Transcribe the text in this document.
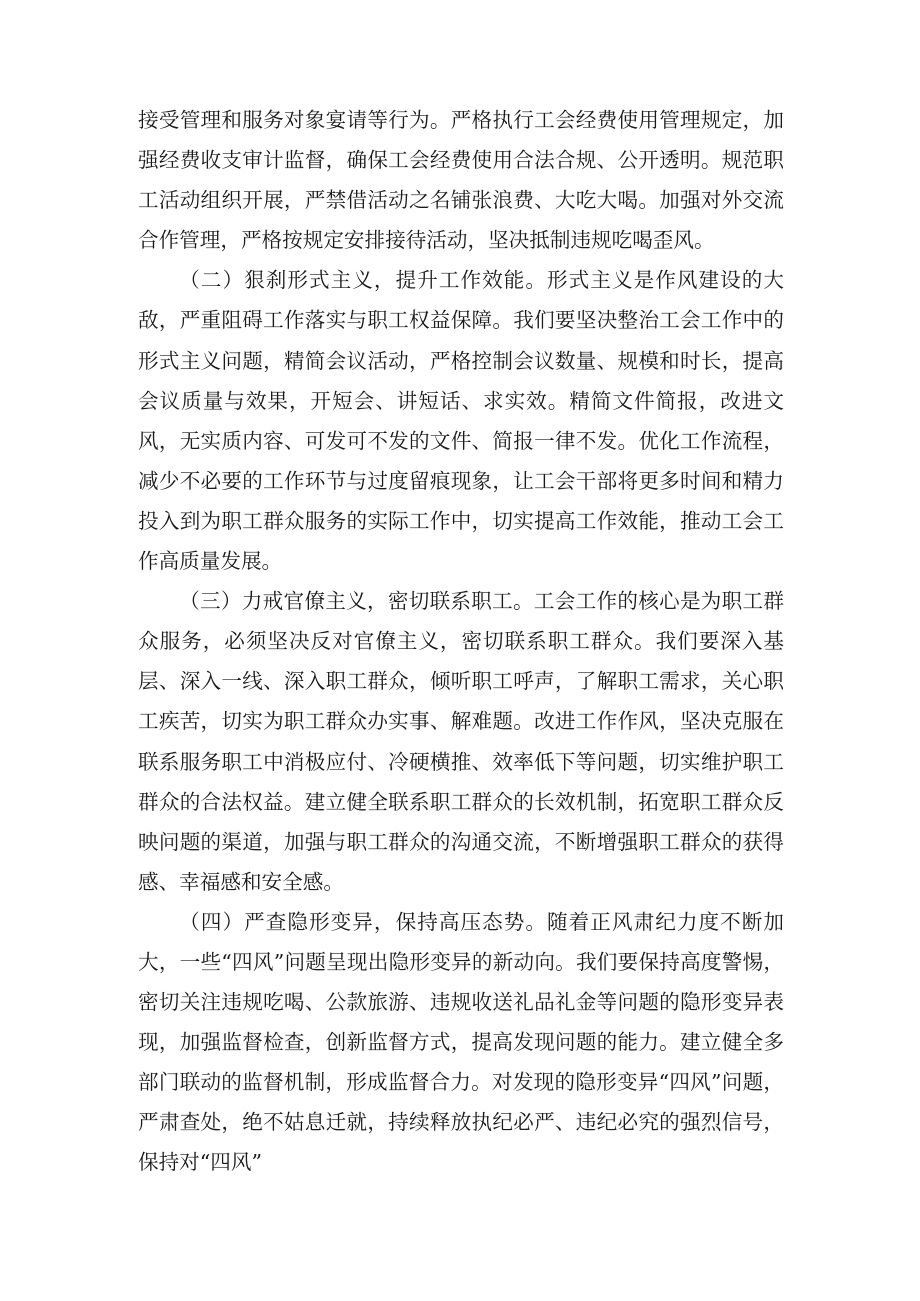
接受管理和服务对象宴请等行为。严格执行工会经费使用管理规定，加强经费收支审计监督，确保工会经费使用合法合规、公开透明。规范职工活动组织开展，严禁借活动之名铺张浪费、大吃大喝。加强对外交流合作管理，严格按规定安排接待活动，坚决抵制违规吃喝歪风。

（二）狠刹形式主义，提升工作效能。形式主义是作风建设的大敌，严重阻碍工作落实与职工权益保障。我们要坚决整治工会工作中的形式主义问题，精简会议活动，严格控制会议数量、规模和时长，提高会议质量与效果，开短会、讲短话、求实效。精简文件简报，改进文风，无实质内容、可发可不发的文件、简报一律不发。优化工作流程，减少不必要的工作环节与过度留痕现象，让工会干部将更多时间和精力投入到为职工群众服务的实际工作中，切实提高工作效能，推动工会工作高质量发展。

（三）力戒官僚主义，密切联系职工。工会工作的核心是为职工群众服务，必须坚决反对官僚主义，密切联系职工群众。我们要深入基层、深入一线、深入职工群众，倾听职工呼声，了解职工需求，关心职工疾苦，切实为职工群众办实事、解难题。改进工作作风，坚决克服在联系服务职工中消极应付、冷硬横推、效率低下等问题，切实维护职工群众的合法权益。建立健全联系职工群众的长效机制，拓宽职工群众反映问题的渠道，加强与职工群众的沟通交流，不断增强职工群众的获得感、幸福感和安全感。

（四）严查隐形变异，保持高压态势。随着正风肃纪力度不断加大，一些“四风”问题呈现出隐形变异的新动向。我们要保持高度警惕，密切关注违规吃喝、公款旅游、违规收送礼品礼金等问题的隐形变异表现，加强监督检查，创新监督方式，提高发现问题的能力。建立健全多部门联动的监督机制，形成监督合力。对发现的隐形变异“四风”问题，严肃查处，绝不姑息迁就，持续释放执纪必严、违纪必究的强烈信号，保持对“四风”
